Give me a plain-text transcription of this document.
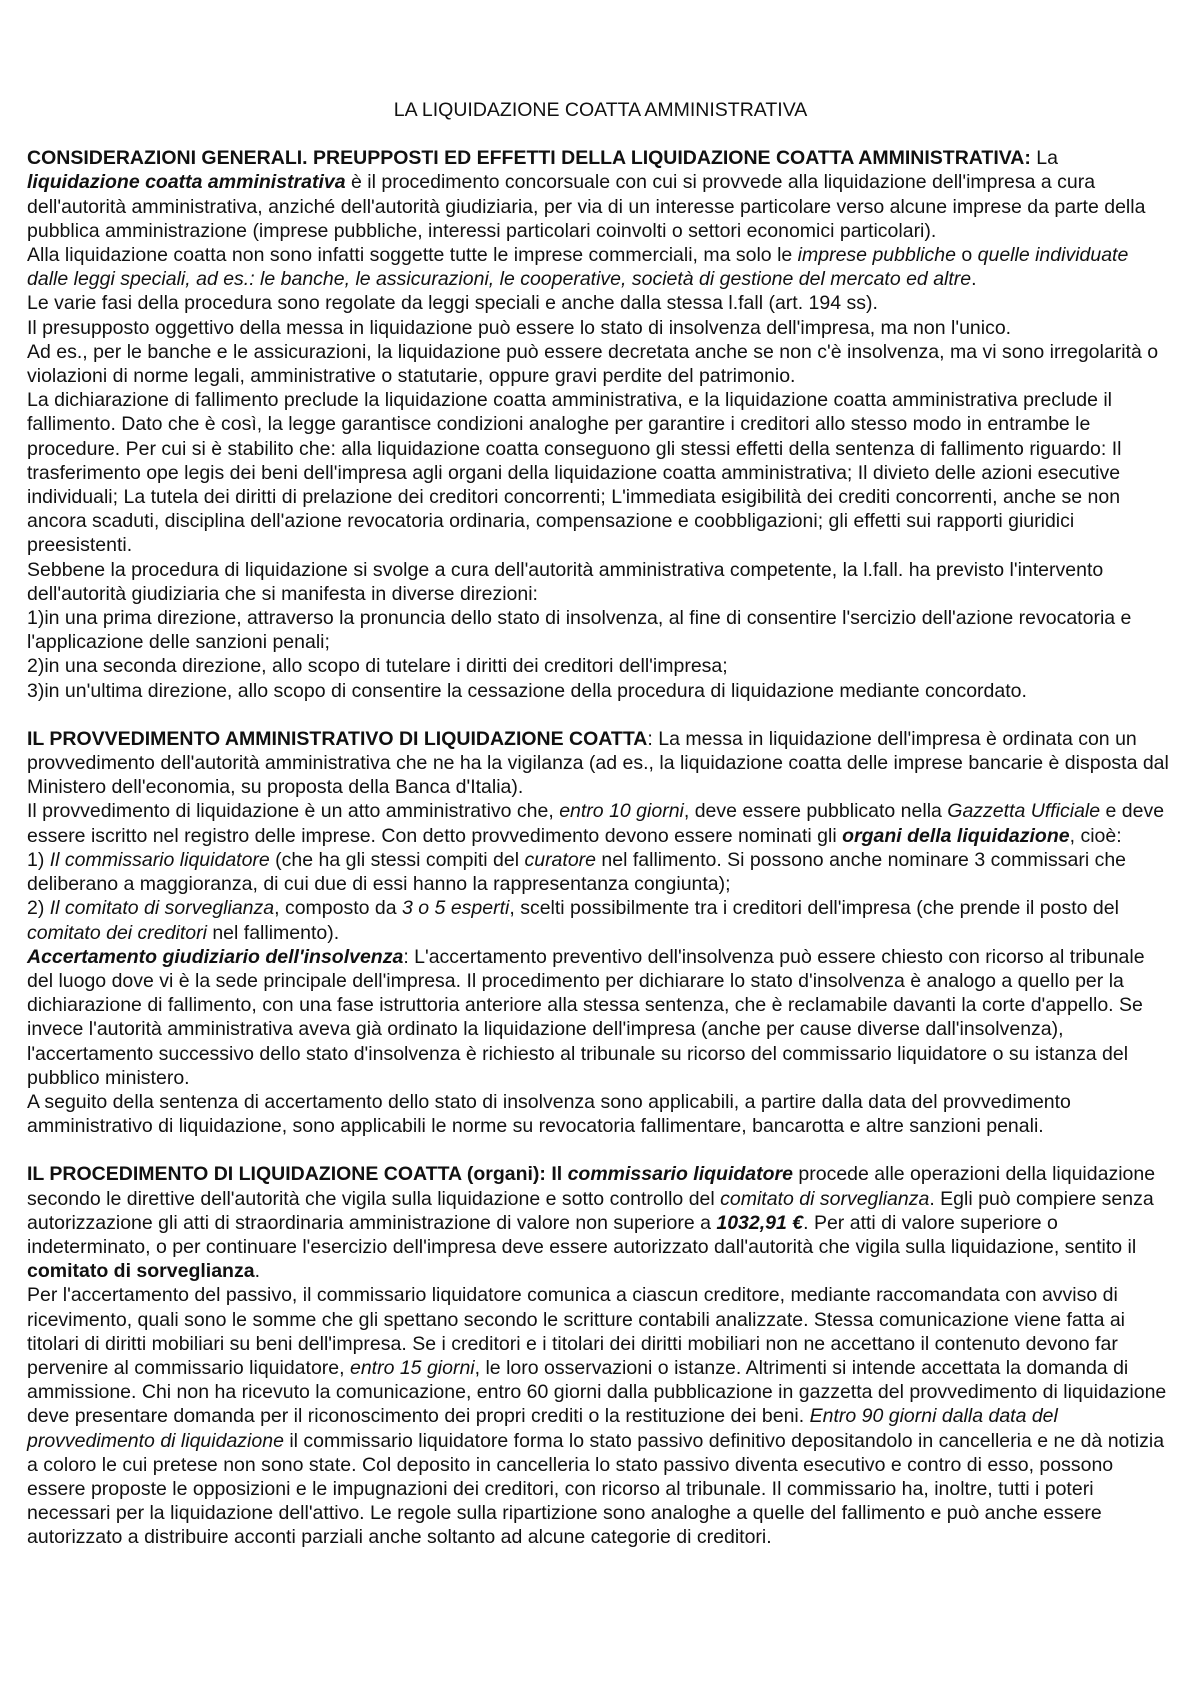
LA LIQUIDAZIONE COATTA AMMINISTRATIVA

CONSIDERAZIONI GENERALI. PREUPPOSTI ED EFFETTI DELLA LIQUIDAZIONE COATTA AMMINISTRATIVA: La liquidazione coatta amministrativa è il procedimento concorsuale con cui si provvede alla liquidazione dell'impresa a cura dell'autorità amministrativa, anziché dell'autorità giudiziaria, per via di un interesse particolare verso alcune imprese da parte della pubblica amministrazione (imprese pubbliche, interessi particolari coinvolti o settori economici particolari).

Alla liquidazione coatta non sono infatti soggette tutte le imprese commerciali, ma solo le imprese pubbliche o quelle individuate dalle leggi speciali, ad es.: le banche, le assicurazioni, le cooperative, società di gestione del mercato ed altre.

Le varie fasi della procedura sono regolate da leggi speciali e anche dalla stessa l.fall (art. 194 ss).

Il presupposto oggettivo della messa in liquidazione può essere lo stato di insolvenza dell'impresa, ma non l'unico.

Ad es., per le banche e le assicurazioni, la liquidazione può essere decretata anche se non c'è insolvenza, ma vi sono irregolarità o violazioni di norme legali, amministrative o statutarie, oppure gravi perdite del patrimonio.

La dichiarazione di fallimento preclude la liquidazione coatta amministrativa, e la liquidazione coatta amministrativa preclude il fallimento. Dato che è così, la legge garantisce condizioni analoghe per garantire i creditori allo stesso modo in entrambe le procedure. Per cui si è stabilito che: alla liquidazione coatta conseguono gli stessi effetti della sentenza di fallimento riguardo: Il trasferimento ope legis dei beni dell'impresa agli organi della liquidazione coatta amministrativa; Il divieto delle azioni esecutive individuali; La tutela dei diritti di prelazione dei creditori concorrenti; L'immediata esigibilità dei crediti concorrenti, anche se non ancora scaduti, disciplina dell'azione revocatoria ordinaria, compensazione e coobbligazioni; gli effetti sui rapporti giuridici preesistenti.

Sebbene la procedura di liquidazione si svolge a cura dell'autorità amministrativa competente, la l.fall. ha previsto l'intervento dell'autorità giudiziaria che si manifesta in diverse direzioni:

1)in una prima direzione, attraverso la pronuncia dello stato di insolvenza, al fine di consentire l'sercizio dell'azione revocatoria e l'applicazione delle sanzioni penali;

2)in una seconda direzione, allo scopo di tutelare i diritti dei creditori dell'impresa;

3)in un'ultima direzione, allo scopo di consentire la cessazione della procedura di liquidazione mediante concordato.

IL PROVVEDIMENTO AMMINISTRATIVO DI LIQUIDAZIONE COATTA: La messa in liquidazione dell'impresa è ordinata con un provvedimento dell'autorità amministrativa che ne ha la vigilanza (ad es., la liquidazione coatta delle imprese bancarie è disposta dal Ministero dell'economia, su proposta della Banca d'Italia).

Il provvedimento di liquidazione è un atto amministrativo che, entro 10 giorni, deve essere pubblicato nella Gazzetta Ufficiale e deve essere iscritto nel registro delle imprese. Con detto provvedimento devono essere nominati gli organi della liquidazione, cioè:

1) Il commissario liquidatore (che ha gli stessi compiti del curatore nel fallimento. Si possono anche nominare 3 commissari che deliberano a maggioranza, di cui due di essi hanno la rappresentanza congiunta);

2) Il comitato di sorveglianza, composto da 3 o 5 esperti, scelti possibilmente tra i creditori dell'impresa (che prende il posto del comitato dei creditori nel fallimento).

Accertamento giudiziario dell'insolvenza: L'accertamento preventivo dell'insolvenza può essere chiesto con ricorso al tribunale del luogo dove vi è la sede principale dell'impresa. Il procedimento per dichiarare lo stato d'insolvenza è analogo a quello per la dichiarazione di fallimento, con una fase istruttoria anteriore alla stessa sentenza, che è reclamabile davanti la corte d'appello. Se invece l'autorità amministrativa aveva già ordinato la liquidazione dell'impresa (anche per cause diverse dall'insolvenza), l'accertamento successivo dello stato d'insolvenza è richiesto al tribunale su ricorso del commissario liquidatore o su istanza del pubblico ministero.

A seguito della sentenza di accertamento dello stato di insolvenza sono applicabili, a partire dalla data del provvedimento amministrativo di liquidazione, sono applicabili le norme su revocatoria fallimentare, bancarotta e altre sanzioni penali.

IL PROCEDIMENTO DI LIQUIDAZIONE COATTA (organi): Il commissario liquidatore procede alle operazioni della liquidazione secondo le direttive dell'autorità che vigila sulla liquidazione e sotto controllo del comitato di sorveglianza. Egli può compiere senza autorizzazione gli atti di straordinaria amministrazione di valore non superiore a 1032,91 €. Per atti di valore superiore o indeterminato, o per continuare l'esercizio dell'impresa deve essere autorizzato dall'autorità che vigila sulla liquidazione, sentito il comitato di sorveglianza.

Per l'accertamento del passivo, il commissario liquidatore comunica a ciascun creditore, mediante raccomandata con avviso di ricevimento, quali sono le somme che gli spettano secondo le scritture contabili analizzate. Stessa comunicazione viene fatta ai titolari di diritti mobiliari su beni dell'impresa. Se i creditori e i titolari dei diritti mobiliari non ne accettano il contenuto devono far pervenire al commissario liquidatore, entro 15 giorni, le loro osservazioni o istanze. Altrimenti si intende accettata la domanda di ammissione. Chi non ha ricevuto la comunicazione, entro 60 giorni dalla pubblicazione in gazzetta del provvedimento di liquidazione deve presentare domanda per il riconoscimento dei propri crediti o la restituzione dei beni. Entro 90 giorni dalla data del provvedimento di liquidazione il commissario liquidatore forma lo stato passivo definitivo depositandolo in cancelleria e ne dà notizia a coloro le cui pretese non sono state. Col deposito in cancelleria lo stato passivo diventa esecutivo e contro di esso, possono essere proposte le opposizioni e le impugnazioni dei creditori, con ricorso al tribunale. Il commissario ha, inoltre, tutti i poteri necessari per la liquidazione dell'attivo. Le regole sulla ripartizione sono analoghe a quelle del fallimento e può anche essere autorizzato a distribuire acconti parziali anche soltanto ad alcune categorie di creditori.
